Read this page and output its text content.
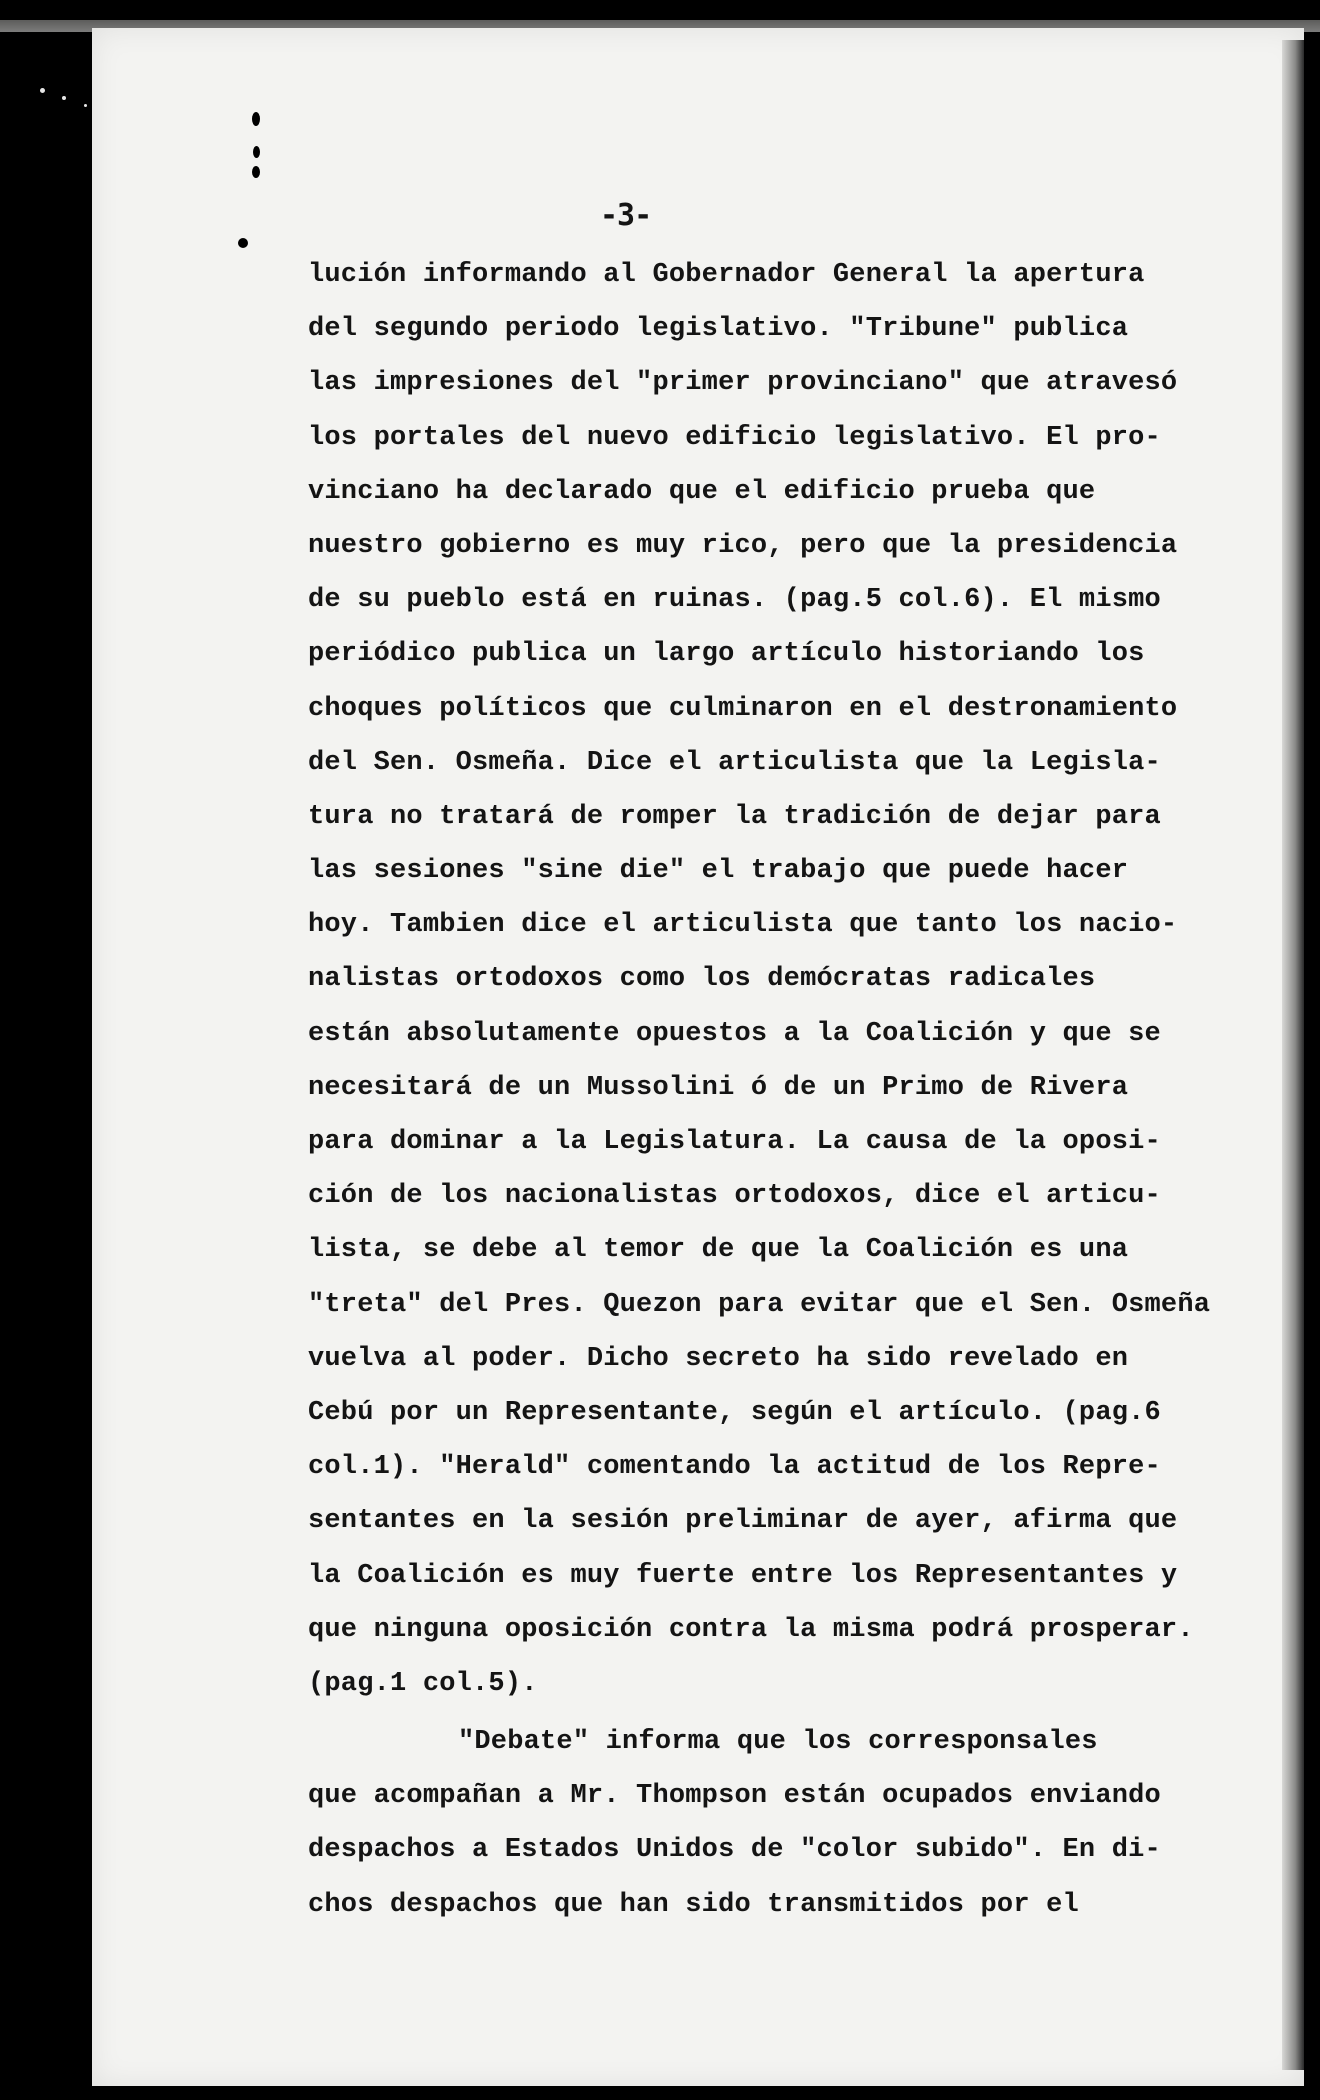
-3-
lución informando al Gobernador General la apertura
del segundo periodo legislativo. "Tribune" publica
las impresiones del "primer provinciano" que atravesó
los portales del nuevo edificio legislativo. El pro-
vinciano ha declarado que el edificio prueba que
nuestro gobierno es muy rico, pero que la presidencia
de su pueblo está en ruinas. (pag.5 col.6). El mismo
periódico publica un largo artículo historiando los
choques políticos que culminaron en el destronamiento
del Sen. Osmeña. Dice el articulista que la Legisla-
tura no tratará de romper la tradición de dejar para
las sesiones "sine die" el trabajo que puede hacer
hoy. Tambien dice el articulista que tanto los nacio-
nalistas ortodoxos como los demócratas radicales
están absolutamente opuestos a la Coalición y que se
necesitará de un Mussolini ó de un Primo de Rivera
para dominar a la Legislatura. La causa de la oposi-
ción de los nacionalistas ortodoxos, dice el articu-
lista, se debe al temor de que la Coalición es una
"treta" del Pres. Quezon para evitar que el Sen. Osmeña
vuelva al poder. Dicho secreto ha sido revelado en
Cebú por un Representante, según el artículo. (pag.6
col.1). "Herald" comentando la actitud de los Repre-
sentantes en la sesión preliminar de ayer, afirma que
la Coalición es muy fuerte entre los Representantes y
que ninguna oposición contra la misma podrá prosperar.
(pag.1 col.5).
"Debate" informa que los corresponsales
que acompañan a Mr. Thompson están ocupados enviando
despachos a Estados Unidos de "color subido". En di-
chos despachos que han sido transmitidos por el
